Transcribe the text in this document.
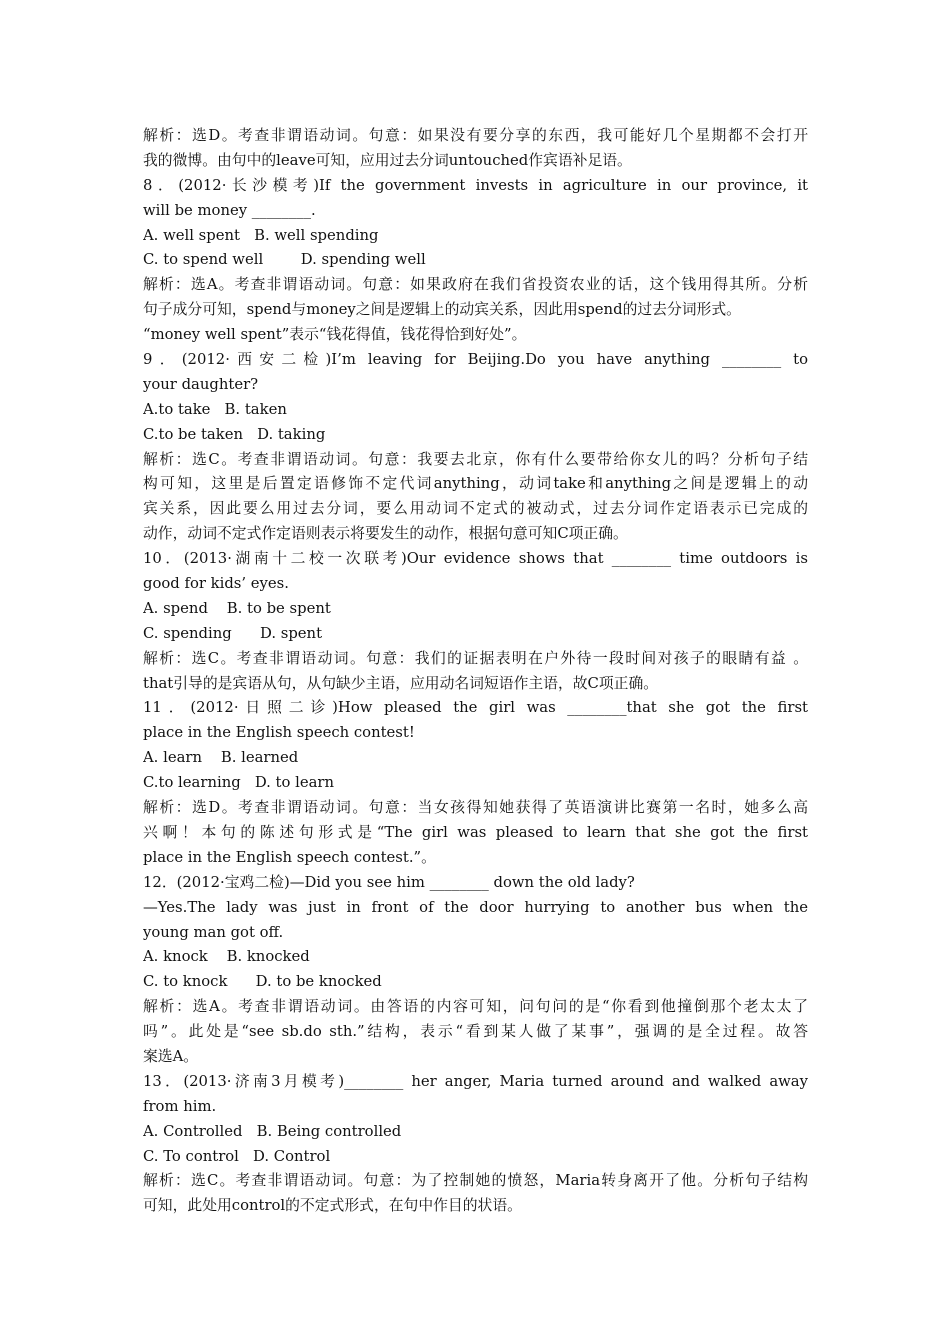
解析：选D。考查非谓语动词。句意：如果没有要分享的东西，我可能好几个星期都不会打开
我的微博。由句中的leave可知，应用过去分词untouched作宾语补足语。
8．(2012·长沙模考)If the government invests in agriculture in our province, it
will be money ________.
A. well spent   B. well spending
C. to spend well        D. spending well
解析：选A。考查非谓语动词。句意：如果政府在我们省投资农业的话，这个钱用得其所。分析
句子成分可知，spend与money之间是逻辑上的动宾关系，因此用spend的过去分词形式。
“money well spent”表示“钱花得值，钱花得恰到好处”。
9．(2012·西安二检)I’m leaving for Beijing.Do you have anything ________ to
your daughter?
A.to take   B. taken
C.to be taken   D. taking
解析：选C。考查非谓语动词。句意：我要去北京，你有什么要带给你女儿的吗？分析句子结
构可知，这里是后置定语修饰不定代词anything，动词take和anything之间是逻辑上的动
宾关系，因此要么用过去分词，要么用动词不定式的被动式，过去分词作定语表示已完成的
动作，动词不定式作定语则表示将要发生的动作，根据句意可知C项正确。
10．(2013·湖南十二校一次联考)Our evidence shows that ________ time outdoors is
good for kids’ eyes.
A. spend    B. to be spent
C. spending      D. spent
解析：选C。考查非谓语动词。句意：我们的证据表明在户外待一段时间对孩子的眼睛有益 。
that引导的是宾语从句，从句缺少主语，应用动名词短语作主语，故C项正确。
11．(2012·日照二诊)How pleased the girl was ________that she got the first
place in the English speech contest!
A. learn    B. learned
C.to learning   D. to learn
解析：选D。考查非谓语动词。句意：当女孩得知她获得了英语演讲比赛第一名时，她多么高
兴啊！本句的陈述句形式是“The girl was pleased to learn that she got the first
place in the English speech contest.”。
12．(2012·宝鸡二检)—Did you see him ________ down the old lady?
—Yes.The lady was just in front of the door hurrying to another bus when the
young man got off.
A. knock    B. knocked
C. to knock      D. to be knocked
解析：选A。考查非谓语动词。由答语的内容可知，问句问的是“你看到他撞倒那个老太太了
吗”。此处是“see sb.do sth.”结构，表示“看到某人做了某事”，强调的是全过程。故答
案选A。
13．(2013·济南3月模考)________ her anger, Maria turned around and walked away
from him.
A. Controlled   B. Being controlled
C. To control   D. Control
解析：选C。考查非谓语动词。句意：为了控制她的愤怒，Maria转身离开了他。分析句子结构
可知，此处用control的不定式形式，在句中作目的状语。
